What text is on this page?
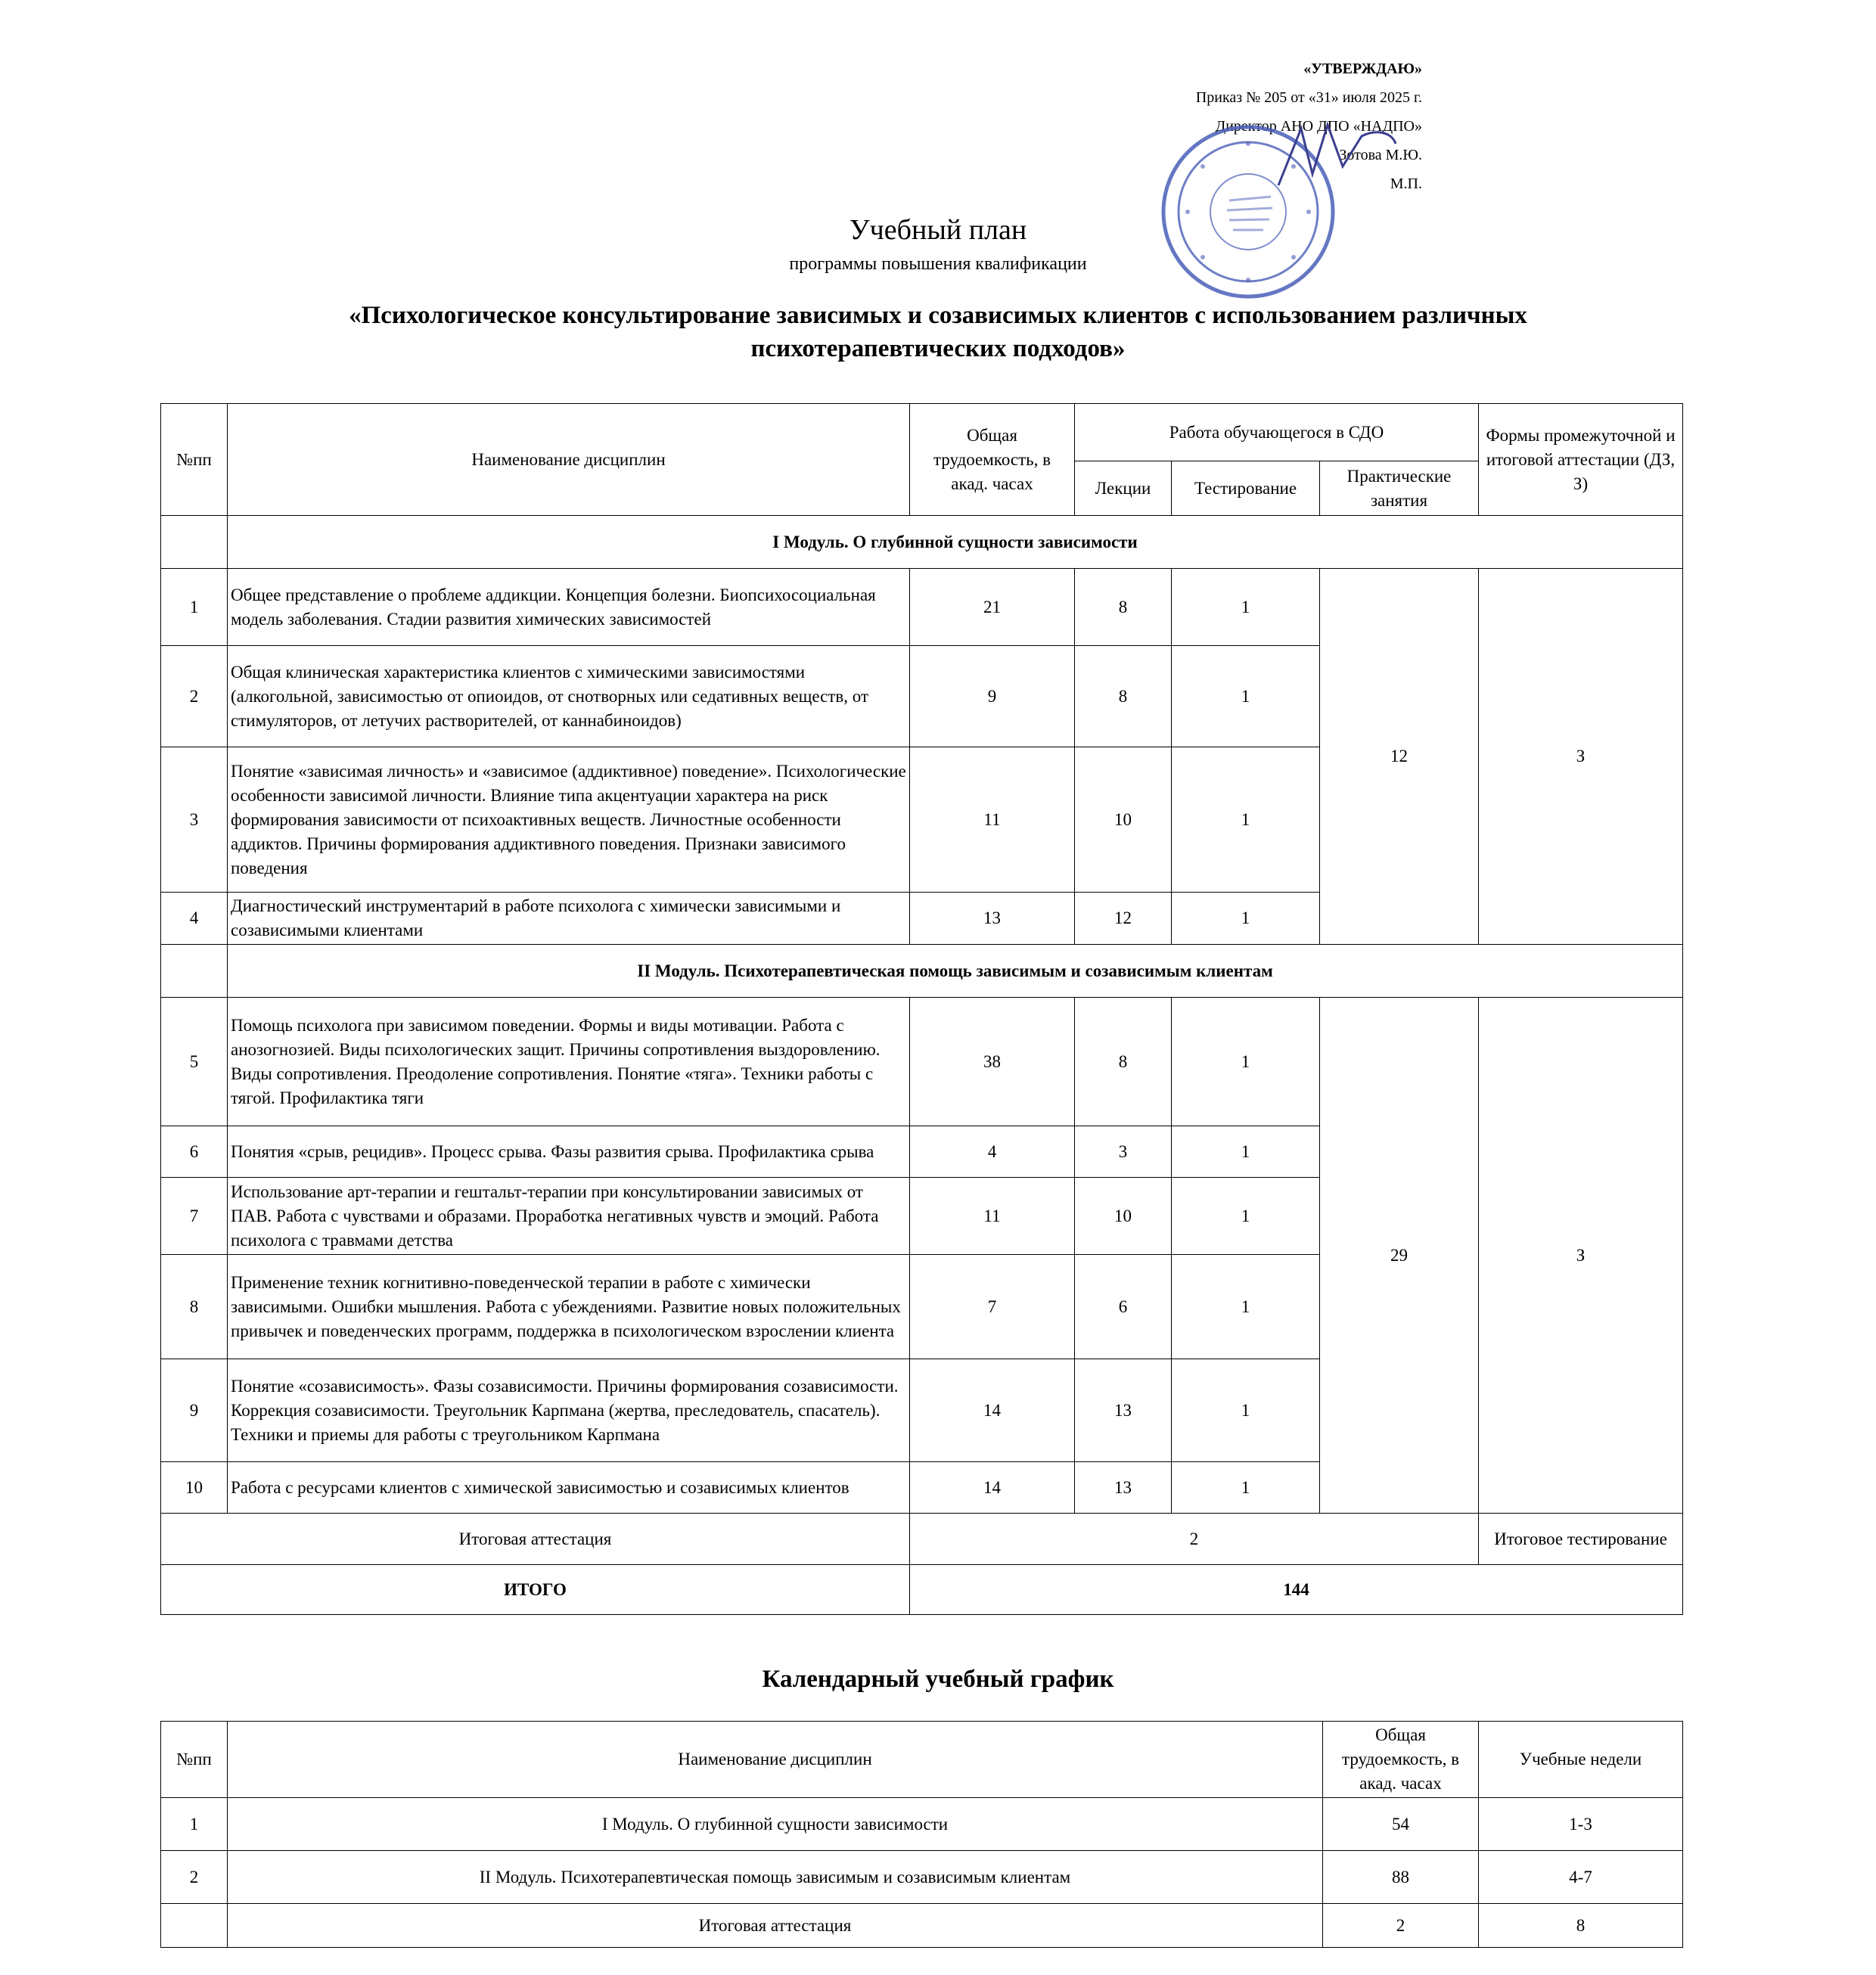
«УТВЕРЖДАЮ»
Приказ № 205 от «31» июля 2025 г.
Директор АНО ДПО «НАДПО»
Зотова М.Ю.
М.П.
Учебный план
программы повышения квалификации
«Психологическое консультирование зависимых и созависимых клиентов с использованием различных психотерапевтических подходов»
№пп	Наименование дисциплин	Общая трудоемкость, в акад. часах	Работа обучающегося в СДО			Формы промежуточной и итоговой аттестации (ДЗ, З)
			Лекции	Тестирование	Практические занятия	
	I Модуль. О глубинной сущности зависимости					
1	Общее представление о проблеме аддикции. Концепция болезни. Биопсихосоциальная модель заболевания. Стадии развития химических зависимостей	21	8	1	12	З
2	Общая клиническая характеристика клиентов с химическими зависимостями (алкогольной, зависимостью от опиоидов, от снотворных или седативных веществ, от стимуляторов, от летучих растворителей, от каннабиноидов)	9	8	1		
3	Понятие «зависимая личность» и «зависимое (аддиктивное) поведение». Психологические особенности зависимой личности. Влияние типа акцентуации характера на риск формирования зависимости от психоактивных веществ. Личностные особенности аддиктов. Причины формирования аддиктивного поведения. Признаки зависимого поведения	11	10	1		
4	Диагностический инструментарий в работе психолога с химически зависимыми и созависимыми клиентами	13	12	1		
	II Модуль. Психотерапевтическая помощь зависимым и созависимым клиентам					
5	Помощь психолога при зависимом поведении. Формы и виды мотивации. Работа с анозогнозией. Виды психологических защит. Причины сопротивления выздоровлению. Виды сопротивления. Преодоление сопротивления. Понятие «тяга». Техники работы с тягой. Профилактика тяги	38	8	1	29	З
6	Понятия «срыв, рецидив». Процесс срыва. Фазы развития срыва. Профилактика срыва	4	3	1		
7	Использование арт-терапии и гештальт-терапии при консультировании зависимых от ПАВ. Работа с чувствами и образами. Проработка негативных чувств и эмоций. Работа психолога с травмами детства	11	10	1		
8	Применение техник когнитивно-поведенческой терапии в работе с химически зависимыми. Ошибки мышления. Работа с убеждениями. Развитие новых положительных привычек и поведенческих программ, поддержка в психологическом взрослении клиента	7	6	1		
9	Понятие «созависимость». Фазы созависимости. Причины формирования созависимости. Коррекция созависимости. Треугольник Карпмана (жертва, преследователь, спасатель). Техники и приемы для работы с треугольником Карпмана	14	13	1		
10	Работа с ресурсами клиентов с химической зависимостью и созависимых клиентов	14	13	1		
Итоговая аттестация		2				Итоговое тестирование
ИТОГО		144				
Календарный учебный график
№пп	Наименование дисциплин	Общая трудоемкость, в акад. часах	Учебные недели
1	I Модуль. О глубинной сущности зависимости	54	1-3
2	II Модуль. Психотерапевтическая помощь зависимым и созависимым клиентам	88	4-7
	Итоговая аттестация	2	8
